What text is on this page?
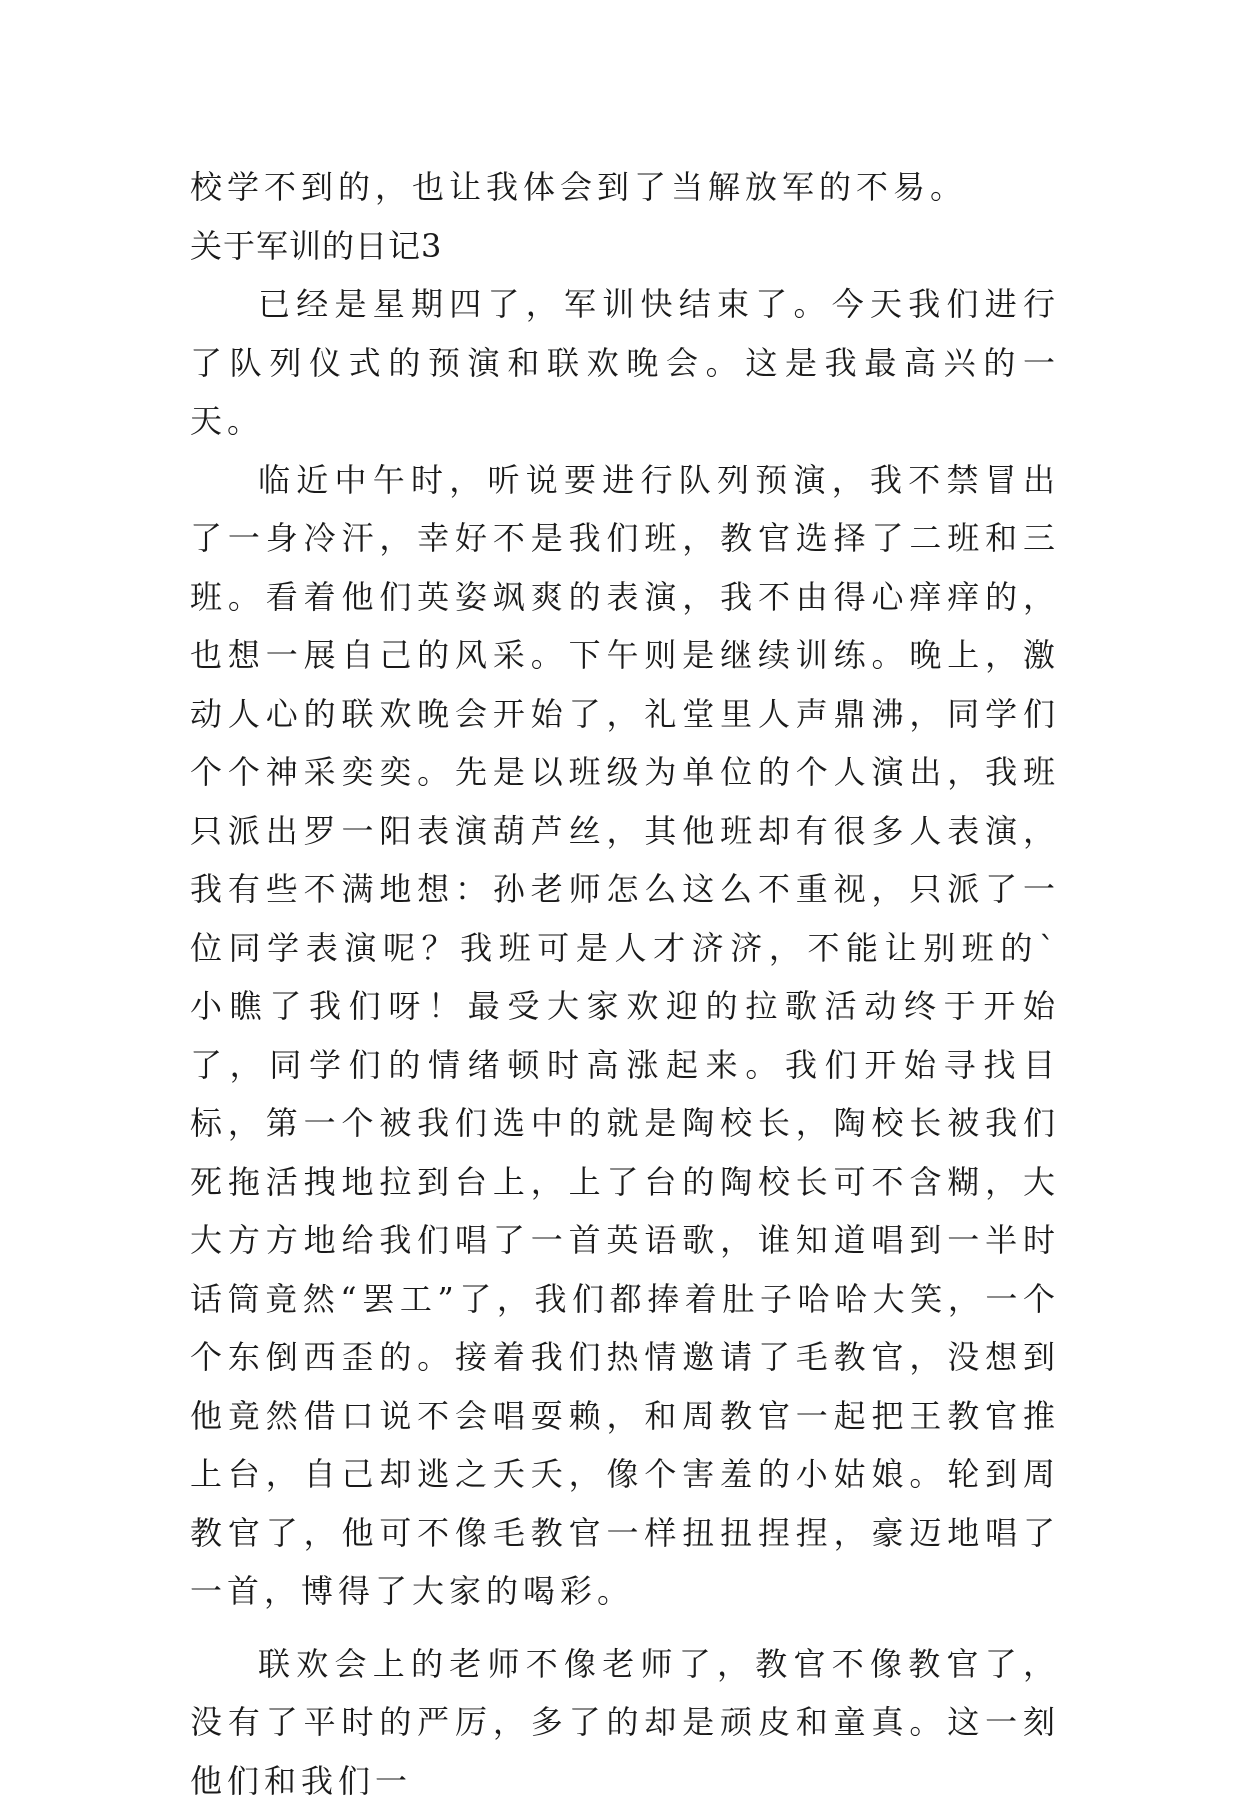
校学不到的，也让我体会到了当解放军的不易。

关于军训的日记3

已经是星期四了，军训快结束了。今天我们进行了队列仪式的预演和联欢晚会。这是我最高兴的一天。

临近中午时，听说要进行队列预演，我不禁冒出了一身冷汗，幸好不是我们班，教官选择了二班和三班。看着他们英姿飒爽的表演，我不由得心痒痒的，也想一展自己的风采。下午则是继续训练。晚上，激动人心的联欢晚会开始了，礼堂里人声鼎沸，同学们个个神采奕奕。先是以班级为单位的个人演出，我班只派出罗一阳表演葫芦丝，其他班却有很多人表演，我有些不满地想：孙老师怎么这么不重视，只派了一位同学表演呢？我班可是人才济济，不能让别班的`小瞧了我们呀！最受大家欢迎的拉歌活动终于开始了，同学们的情绪顿时高涨起来。我们开始寻找目标，第一个被我们选中的就是陶校长，陶校长被我们死拖活拽地拉到台上，上了台的陶校长可不含糊，大大方方地给我们唱了一首英语歌，谁知道唱到一半时话筒竟然“罢工”了，我们都捧着肚子哈哈大笑，一个个东倒西歪的。接着我们热情邀请了毛教官，没想到他竟然借口说不会唱耍赖，和周教官一起把王教官推上台，自己却逃之夭夭，像个害羞的小姑娘。轮到周教官了，他可不像毛教官一样扭扭捏捏，豪迈地唱了一首，博得了大家的喝彩。

联欢会上的老师不像老师了，教官不像教官了，没有了平时的严厉，多了的却是顽皮和童真。这一刻他们和我们一
